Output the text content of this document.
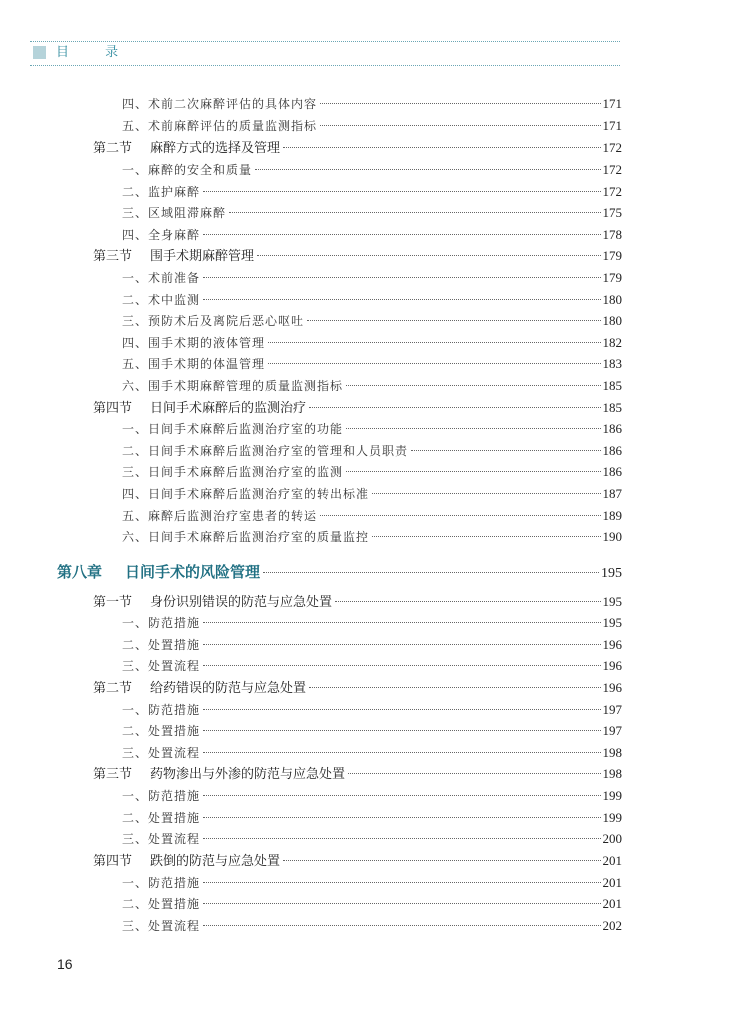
目 录
四、 术前二次麻醉评估的具体内容	171
五、 术前麻醉评估的质量监测指标	171
第二节	麻醉方式的选择及管理	172
一、 麻醉的安全和质量	172
二、 监护麻醉	172
三、 区域阻滞麻醉	175
四、 全身麻醉	178
第三节	围手术期麻醉管理	179
一、 术前准备	179
二、 术中监测	180
三、 预防术后及离院后恶心呕吐	180
四、 围手术期的液体管理	182
五、 围手术期的体温管理	183
六、 围手术期麻醉管理的质量监测指标	185
第四节	日间手术麻醉后的监测治疗	185
一、 日间手术麻醉后监测治疗室的功能	186
二、 日间手术麻醉后监测治疗室的管理和人员职责	186
三、 日间手术麻醉后监测治疗室的监测	186
四、 日间手术麻醉后监测治疗室的转出标准	187
五、 麻醉后监测治疗室患者的转运	189
六、 日间手术麻醉后监测治疗室的质量监控	190
第八章	日间手术的风险管理	195
第一节	身份识别错误的防范与应急处置	195
一、 防范措施	195
二、 处置措施	196
三、 处置流程	196
第二节	给药错误的防范与应急处置	196
一、 防范措施	197
二、 处置措施	197
三、 处置流程	198
第三节	药物渗出与外渗的防范与应急处置	198
一、 防范措施	199
二、 处置措施	199
三、 处置流程	200
第四节	跌倒的防范与应急处置	201
一、 防范措施	201
二、 处置措施	201
三、 处置流程	202
16
